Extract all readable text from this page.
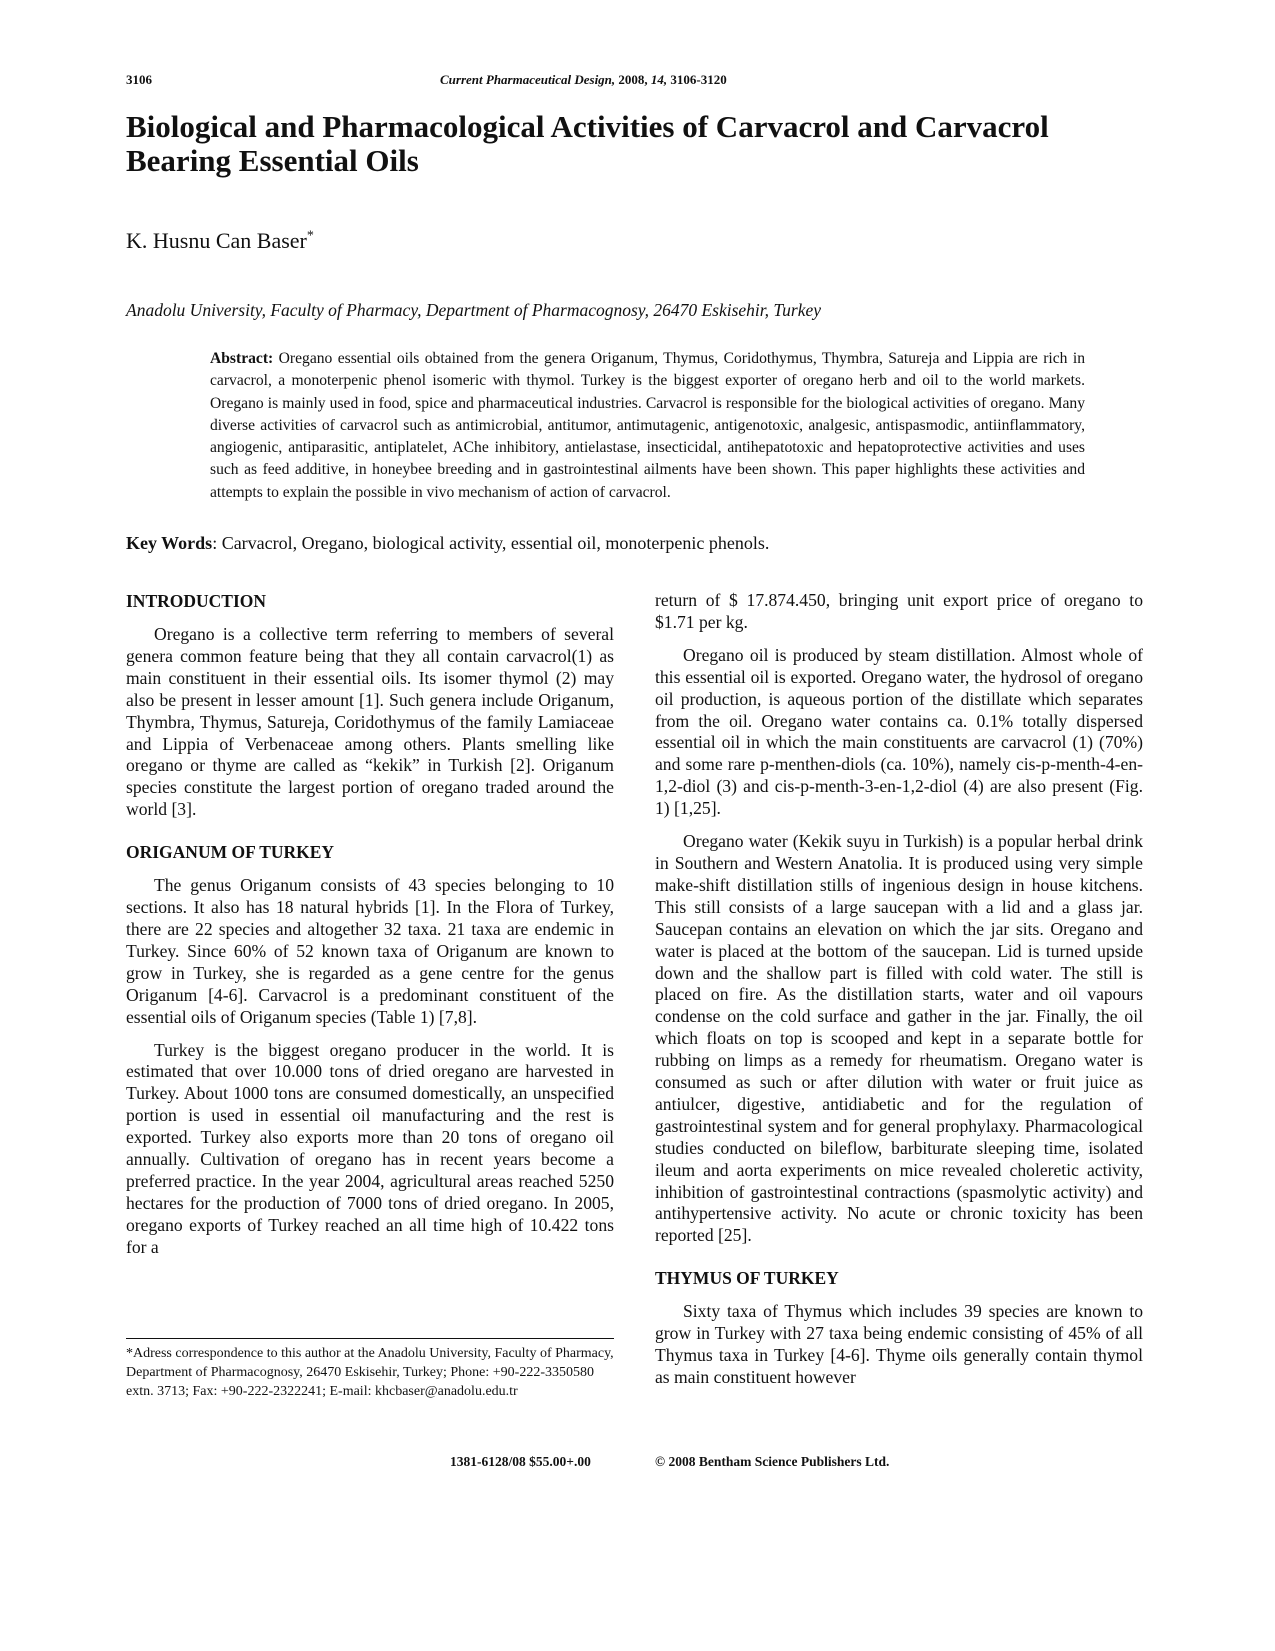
3106	Current Pharmaceutical Design, 2008, 14, 3106-3120
Biological and Pharmacological Activities of Carvacrol and Carvacrol Bearing Essential Oils
K. Husnu Can Baser*
Anadolu University, Faculty of Pharmacy, Department of Pharmacognosy, 26470 Eskisehir, Turkey

Abstract: Oregano essential oils obtained from the genera Origanum, Thymus, Coridothymus, Thymbra, Satureja and Lippia are rich in carvacrol, a monoterpenic phenol isomeric with thymol. Turkey is the biggest exporter of oregano herb and oil to the world markets. Oregano is mainly used in food, spice and pharmaceutical industries. Carvacrol is responsible for the biological activities of oregano. Many diverse activities of carvacrol such as antimicrobial, antitumor, antimutagenic, antigenotoxic, analgesic, antispasmodic, antiinflammatory, angiogenic, antiparasitic, antiplatelet, AChe inhibitory, antielastase, insecticidal, antihepatotoxic and hepatoprotective activities and uses such as feed additive, in honeybee breeding and in gastrointestinal ailments have been shown. This paper highlights these activities and attempts to explain the possible in vivo mechanism of action of carvacrol.

Key Words: Carvacrol, Oregano, biological activity, essential oil, monoterpenic phenols.
INTRODUCTION

Oregano is a collective term referring to members of several genera common feature being that they all contain carvacrol(1) as main constituent in their essential oils. Its isomer thymol (2) may also be present in lesser amount [1]. Such genera include Origanum, Thymbra, Thymus, Satureja, Coridothymus of the family Lamiaceae and Lippia of Verbenaceae among others. Plants smelling like oregano or thyme are called as “kekik” in Turkish [2]. Origanum species constitute the largest portion of oregano traded around the world [3].

ORIGANUM OF TURKEY

The genus Origanum consists of 43 species belonging to 10 sections. It also has 18 natural hybrids [1]. In the Flora of Turkey, there are 22 species and altogether 32 taxa. 21 taxa are endemic in Turkey. Since 60% of 52 known taxa of Origanum are known to grow in Turkey, she is regarded as a gene centre for the genus Origanum [4-6]. Carvacrol is a predominant constituent of the essential oils of Origanum species (Table 1) [7,8].

Turkey is the biggest oregano producer in the world. It is estimated that over 10.000 tons of dried oregano are harvested in Turkey. About 1000 tons are consumed domestically, an unspecified portion is used in essential oil manufacturing and the rest is exported. Turkey also exports more than 20 tons of oregano oil annually. Cultivation of oregano has in recent years become a preferred practice. In the year 2004, agricultural areas reached 5250 hectares for the production of 7000 tons of dried oregano. In 2005, oregano exports of Turkey reached an all time high of 10.422 tons for a

return of $ 17.874.450, bringing unit export price of oregano to $1.71 per kg.

Oregano oil is produced by steam distillation. Almost whole of this essential oil is exported. Oregano water, the hydrosol of oregano oil production, is aqueous portion of the distillate which separates from the oil. Oregano water contains ca. 0.1% totally dispersed essential oil in which the main constituents are carvacrol (1) (70%) and some rare p-menthen-diols (ca. 10%), namely cis-p-menth-4-en-1,2-diol (3) and cis-p-menth-3-en-1,2-diol (4) are also present (Fig. 1) [1,25].

Oregano water (Kekik suyu in Turkish) is a popular herbal drink in Southern and Western Anatolia. It is produced using very simple make-shift distillation stills of ingenious design in house kitchens. This still consists of a large saucepan with a lid and a glass jar. Saucepan contains an elevation on which the jar sits. Oregano and water is placed at the bottom of the saucepan. Lid is turned upside down and the shallow part is filled with cold water. The still is placed on fire. As the distillation starts, water and oil vapours condense on the cold surface and gather in the jar. Finally, the oil which floats on top is scooped and kept in a separate bottle for rubbing on limps as a remedy for rheumatism. Oregano water is consumed as such or after dilution with water or fruit juice as antiulcer, digestive, antidiabetic and for the regulation of gastrointestinal system and for general prophylaxy. Pharmacological studies conducted on bileflow, barbiturate sleeping time, isolated ileum and aorta experiments on mice revealed choleretic activity, inhibition of gastrointestinal contractions (spasmolytic activity) and antihypertensive activity. No acute or chronic toxicity has been reported [25].

THYMUS OF TURKEY

Sixty taxa of Thymus which includes 39 species are known to grow in Turkey with 27 taxa being endemic consisting of 45% of all Thymus taxa in Turkey [4-6]. Thyme oils generally contain thymol as main constituent however

*Adress correspondence to this author at the Anadolu University, Faculty of Pharmacy, Department of Pharmacognosy, 26470 Eskisehir, Turkey; Phone: +90-222-3350580 extn. 3713; Fax: +90-222-2322241; E-mail: khcbaser@anadolu.edu.tr

1381-6128/08 $55.00+.00	© 2008 Bentham Science Publishers Ltd.
